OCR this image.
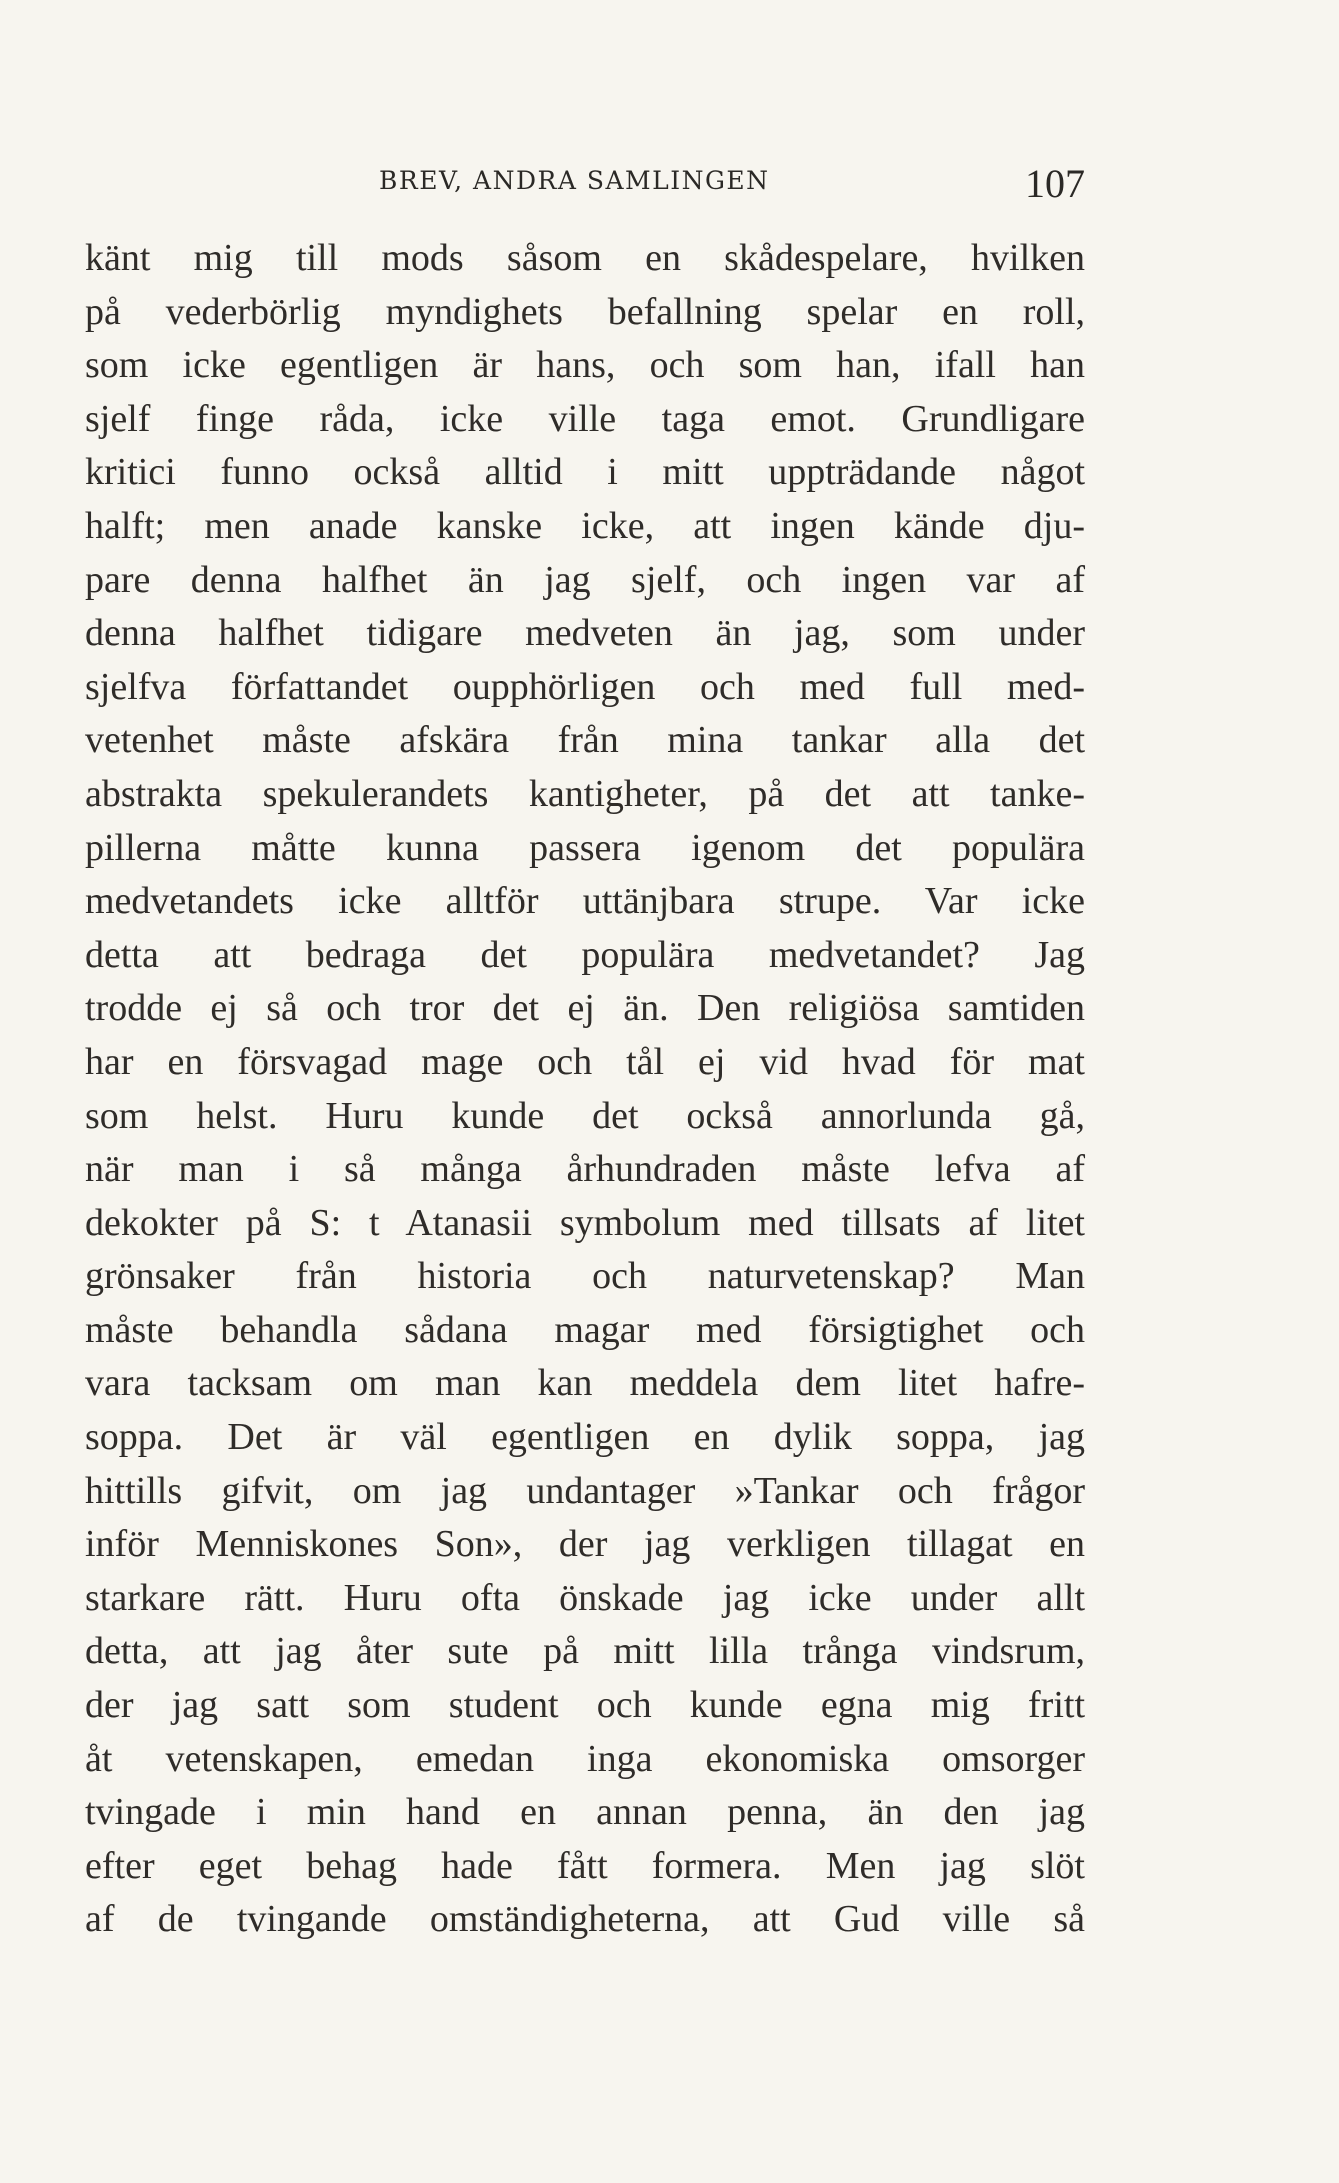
BREV, ANDRA SAMLINGEN	107
känt mig till mods såsom en skådespelare, hvilken
på vederbörlig myndighets befallning spelar en roll,
som icke egentligen är hans, och som han, ifall han
sjelf finge råda, icke ville taga emot. Grundligare
kritici funno också alltid i mitt uppträdande något
halft; men anade kanske icke, att ingen kände dju-
pare denna halfhet än jag sjelf, och ingen var af
denna halfhet tidigare medveten än jag, som under
sjelfva författandet oupphörligen och med full med-
vetenhet måste afskära från mina tankar alla det
abstrakta spekulerandets kantigheter, på det att tanke-
pillerna måtte kunna passera igenom det populära
medvetandets icke alltför uttänjbara strupe. Var icke
detta att bedraga det populära medvetandet? Jag
trodde ej så och tror det ej än. Den religiösa samtiden
har en försvagad mage och tål ej vid hvad för mat
som helst. Huru kunde det också annorlunda gå,
när man i så många århundraden måste lefva af
dekokter på S: t Atanasii symbolum med tillsats af litet
grönsaker från historia och naturvetenskap? Man
måste behandla sådana magar med försigtighet och
vara tacksam om man kan meddela dem litet hafre-
soppa. Det är väl egentligen en dylik soppa, jag
hittills gifvit, om jag undantager »Tankar och frågor
inför Menniskones Son», der jag verkligen tillagat en
starkare rätt. Huru ofta önskade jag icke under allt
detta, att jag åter sute på mitt lilla trånga vindsrum,
der jag satt som student och kunde egna mig fritt
åt vetenskapen, emedan inga ekonomiska omsorger
tvingade i min hand en annan penna, än den jag
efter eget behag hade fått formera. Men jag slöt
af de tvingande omständigheterna, att Gud ville så
